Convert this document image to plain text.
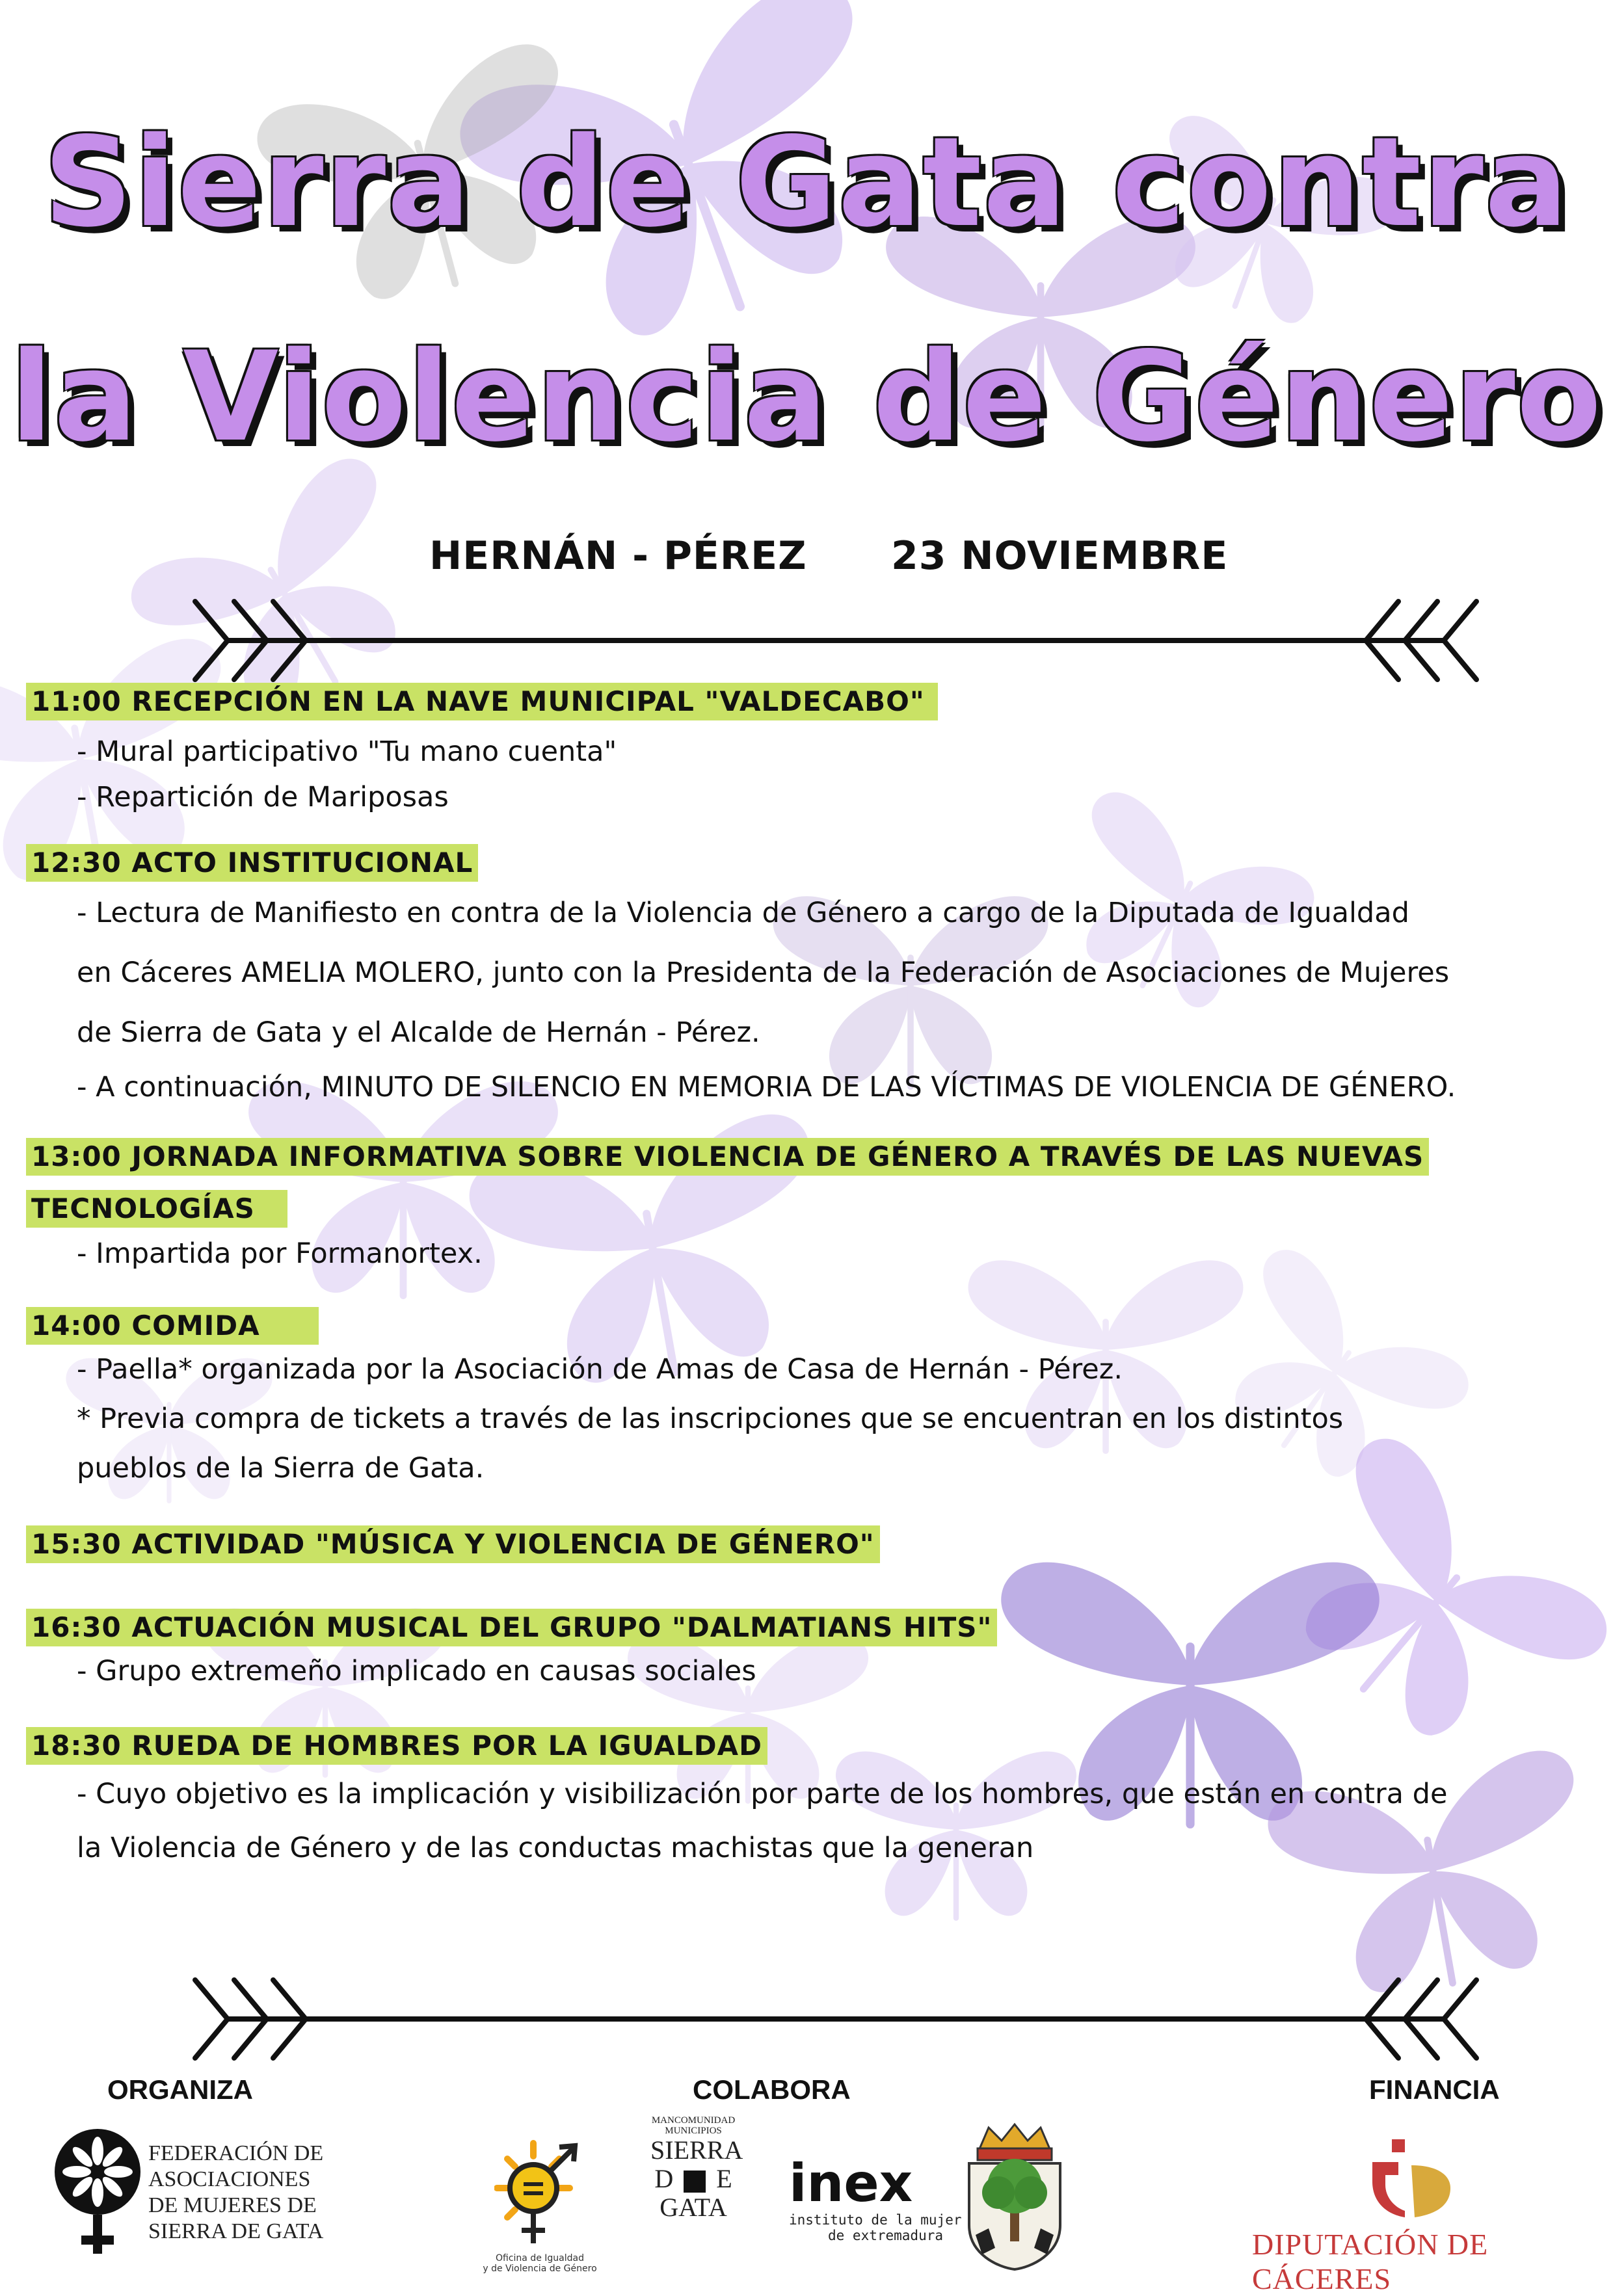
Sierra de Gata contra
la Violencia de Género
HERNÁN - PÉREZ 23 NOVIEMBRE
11:00 RECEPCIÓN EN LA NAVE MUNICIPAL "VALDECABO"
- Mural participativo "Tu mano cuenta"
- Repartición de Mariposas
12:30 ACTO INSTITUCIONAL
- Lectura de Manifiesto en contra de la Violencia de Género a cargo de la Diputada de Igualdad
en Cáceres AMELIA MOLERO, junto con la Presidenta de la Federación de Asociaciones de Mujeres
de Sierra de Gata y el Alcalde de Hernán - Pérez.
- A continuación, MINUTO DE SILENCIO EN MEMORIA DE LAS VÍCTIMAS DE VIOLENCIA DE GÉNERO.
13:00 JORNADA INFORMATIVA SOBRE VIOLENCIA DE GÉNERO A TRAVÉS DE LAS NUEVAS
TECNOLOGÍAS
- Impartida por Formanortex.
14:00 COMIDA
- Paella* organizada por la Asociación de Amas de Casa de Hernán - Pérez.
* Previa compra de tickets a través de las inscripciones que se encuentran en los distintos
pueblos de la Sierra de Gata.
15:30 ACTIVIDAD "MÚSICA Y VIOLENCIA DE GÉNERO"
16:30 ACTUACIÓN MUSICAL DEL GRUPO "DALMATIANS HITS"
- Grupo extremeño implicado en causas sociales
18:30 RUEDA DE HOMBRES POR LA IGUALDAD
- Cuyo objetivo es la implicación y visibilización por parte de los hombres, que están en contra de
la Violencia de Género y de las conductas machistas que la generan
ORGANIZA	COLABORA	FINANCIA
FEDERACIÓN DE
ASOCIACIONES
DE MUJERES DE
SIERRA DE GATA
Oficina de Igualdad
y de Violencia de Género
MANCOMUNIDAD
MUNICIPIOS
SIERRA
D E
GATA inex
instituto de la mujer
de extremadura	DIPUTACIÓN DE CÁCERES
